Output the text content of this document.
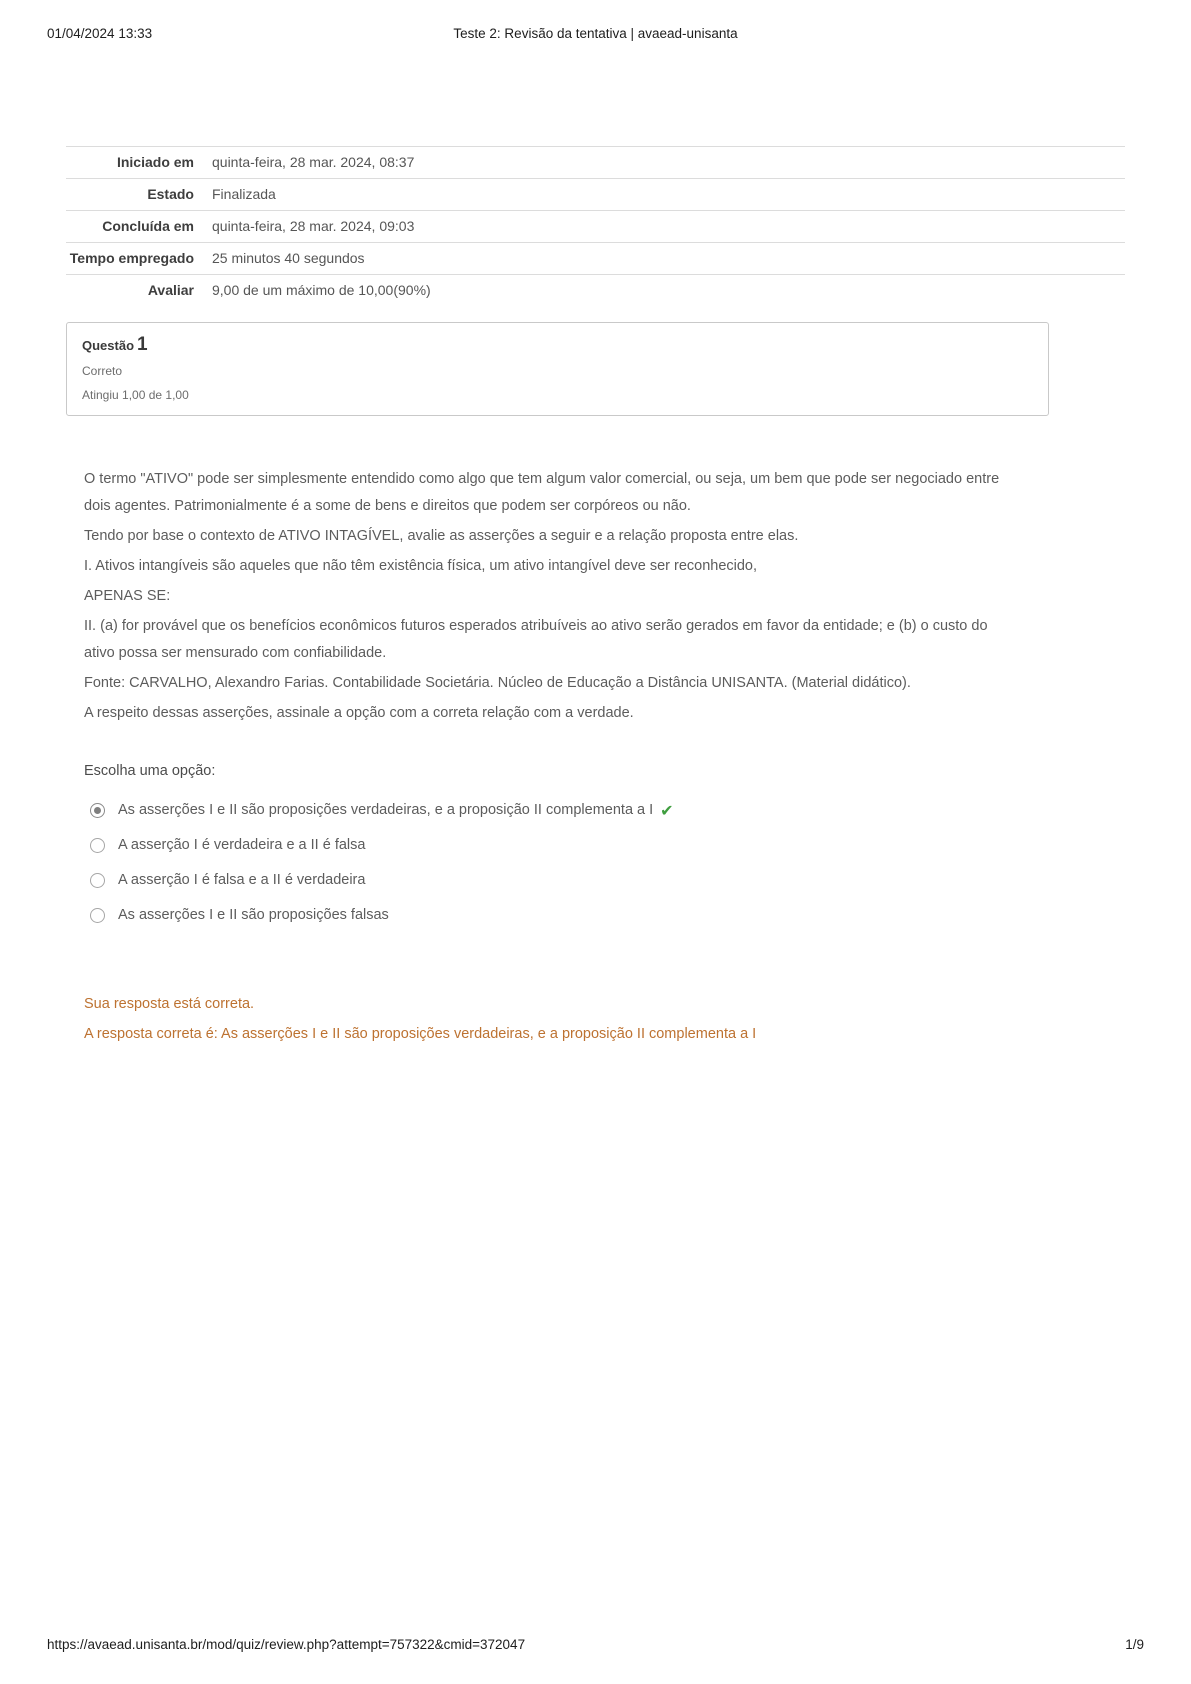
01/04/2024 13:33	Teste 2: Revisão da tentativa | avaead-unisanta
Iniciado em	quinta-feira, 28 mar. 2024, 08:37
Estado	Finalizada
Concluída em	quinta-feira, 28 mar. 2024, 09:03
Tempo empregado	25 minutos 40 segundos
Avaliar	9,00 de um máximo de 10,00(90%)
Questão 1
Correto
Atingiu 1,00 de 1,00

O termo "ATIVO" pode ser simplesmente entendido como algo que tem algum valor comercial, ou seja, um bem que pode ser negociado entre dois agentes. Patrimonialmente é a some de bens e direitos que podem ser corpóreos ou não.

Tendo por base o contexto de ATIVO INTAGÍVEL, avalie as asserções a seguir e a relação proposta entre elas.

I. Ativos intangíveis são aqueles que não têm existência física, um ativo intangível deve ser reconhecido,

APENAS SE:

II. (a) for provável que os benefícios econômicos futuros esperados atribuíveis ao ativo serão gerados em favor da entidade; e (b) o custo do ativo possa ser mensurado com confiabilidade.

Fonte: CARVALHO, Alexandro Farias. Contabilidade Societária. Núcleo de Educação a Distância UNISANTA. (Material didático).

A respeito dessas asserções, assinale a opção com a correta relação com a verdade.

Escolha uma opção:
As asserções I e II são proposições verdadeiras, e a proposição II complementa a I ✔
A asserção I é verdadeira e a II é falsa
A asserção I é falsa e a II é verdadeira
As asserções I e II são proposições falsas

Sua resposta está correta.

A resposta correta é: As asserções I e II são proposições verdadeiras, e a proposição II complementa a I

https://avaead.unisanta.br/mod/quiz/review.php?attempt=757322&cmid=372047	1/9
